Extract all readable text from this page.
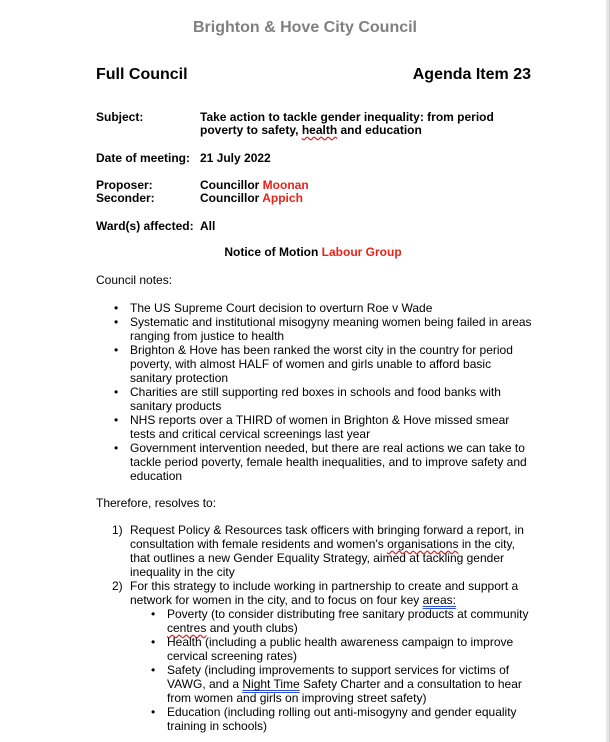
Brighton & Hove City Council
Full Council	Agenda Item 23
Subject:	Take action to tackle gender inequality: from period
poverty to safety, health and education
Date of meeting: 21 July 2022
Proposer:	Councillor Moonan
Seconder:	Councillor Appich
Ward(s) affected: All
Notice of Motion Labour Group
Council notes:
• The US Supreme Court decision to overturn Roe v Wade
• Systematic and institutional misogyny meaning women being failed in areas ranging from justice to health
• Brighton & Hove has been ranked the worst city in the country for period poverty, with almost HALF of women and girls unable to afford basic sanitary protection
• Charities are still supporting red boxes in schools and food banks with sanitary products
• NHS reports over a THIRD of women in Brighton & Hove missed smear tests and critical cervical screenings last year
• Government intervention needed, but there are real actions we can take to tackle period poverty, female health inequalities, and to improve safety and education
Therefore, resolves to:
1) Request Policy & Resources task officers with bringing forward a report, in consultation with female residents and women's organisations in the city, that outlines a new Gender Equality Strategy, aimed at tackling gender inequality in the city
2) For this strategy to include working in partnership to create and support a network for women in the city, and to focus on four key areas:
• Poverty (to consider distributing free sanitary products at community centres and youth clubs)
• Health (including a public health awareness campaign to improve cervical screening rates)
• Safety (including improvements to support services for victims of VAWG, and a Night Time Safety Charter and a consultation to hear from women and girls on improving street safety)
• Education (including rolling out anti-misogyny and gender equality training in schools)
